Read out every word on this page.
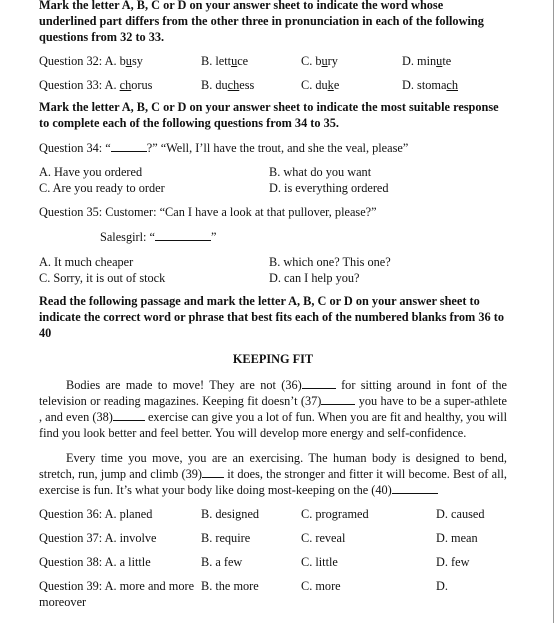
Mark the letter A, B, C or D on your answer sheet to indicate the word whose
underlined part differs from the other three in pronunciation in each of the following
questions from 32 to 33.
Question 32: A. busy	B. lettuce	C. bury	D. minute
Question 33: A. chorus	B. duchess	C. duke	D. stomach
Mark the letter A, B, C or D on your answer sheet to indicate the most suitable response
to complete each of the following questions from 34 to 35.
Question 34: “	?” “Well, I’ll have the trout, and she the veal, please”
A. Have you ordered	B. what do you want
C. Are you ready to order	D. is everything ordered
Question 35: Customer: “Can I have a look at that pullover, please?”
Salesgirl: “	”
A. It much cheaper	B. which one? This one?
C. Sorry, it is out of stock	D. can I help you?
Read the following passage and mark the letter A, B, C or D on your answer sheet to
indicate the correct word or phrase that best fits each of the numbered blanks from 36 to
40
KEEPING FIT

Bodies are made to move! They are not (36)	for sitting around in font of the television or reading magazines. Keeping fit doesn’t (37)	you have to be a super-athlete , and even (38)	exercise can give you a lot of fun. When you are fit and healthy, you will find you look better and feel better. You will develop more energy and self-confidence.

Every time you move, you are an exercising. The human body is designed to bend, stretch, run, jump and climb (39) it does, the stronger and fitter it will become. Best of all, exercise is fun. It’s what your body like doing most-keeping on the (40)

Question 36: A. planed	B. designed	C. programed	D. caused
Question 37: A. involve	B. require	C. reveal	D. mean
Question 38: A. a little	B. a few	C. little	D. few
Question 39: A. more and more B. the more	C. more	D.
moreover
